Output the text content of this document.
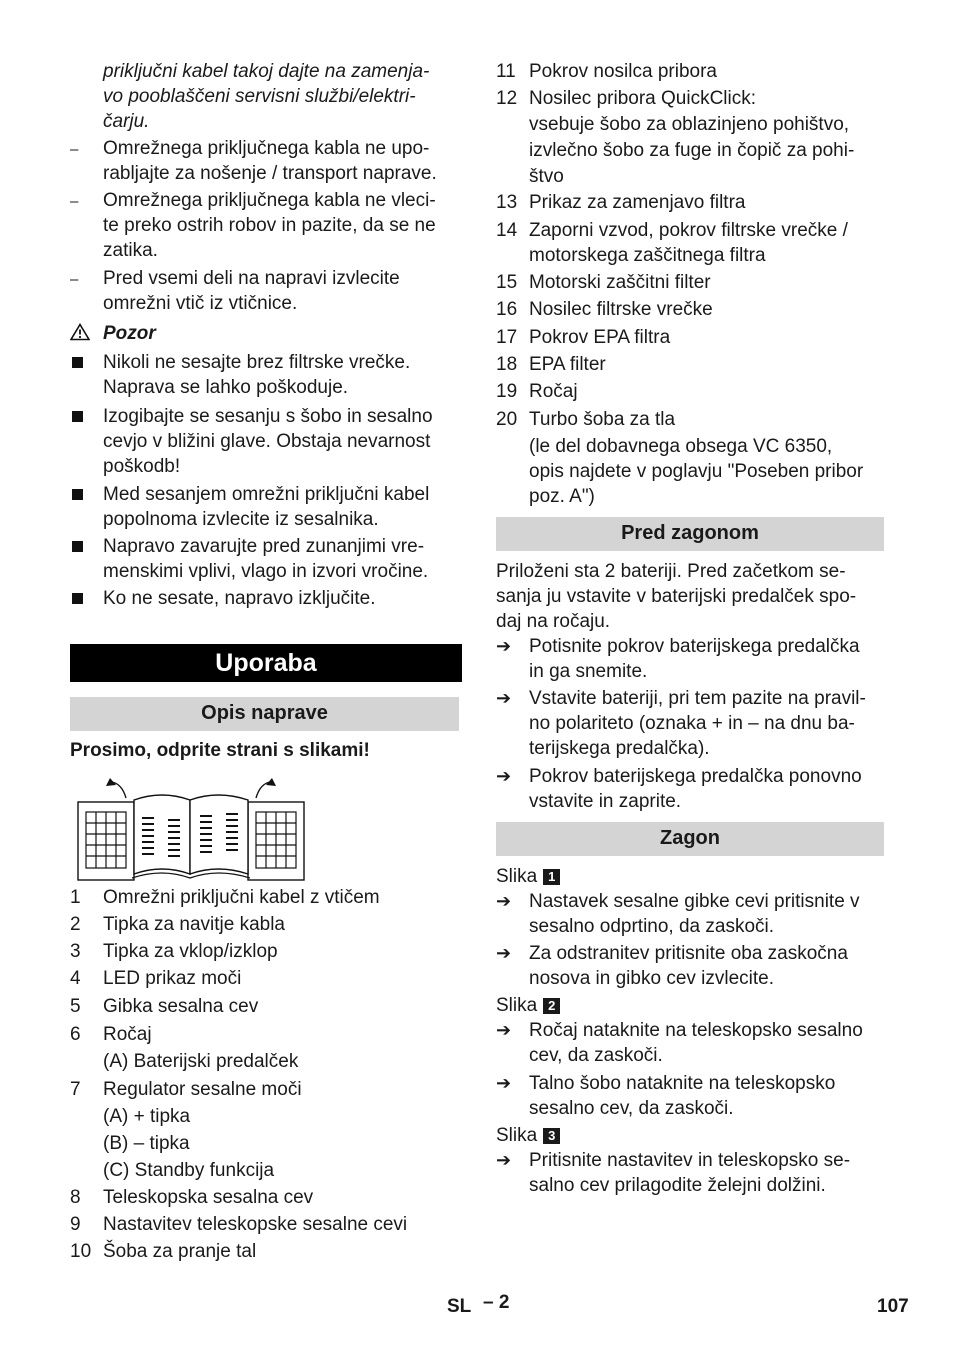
priključni kabel takoj dajte na zamenja-
vo pooblaščeni servisni službi/elektri-
čarju.
Omrežnega priključnega kabla ne upo-
rabljajte za nošenje / transport naprave.
Omrežnega priključnega kabla ne vleci-
te preko ostrih robov in pazite, da se ne
zatika.
Pred vsemi deli na napravi izvlecite
omrežni vtič iz vtičnice.
Pozor
Nikoli ne sesajte brez filtrske vrečke.
Naprava se lahko poškoduje.
Izogibajte se sesanju s šobo in sesalno
cevjo v bližini glave. Obstaja nevarnost
poškodb!
Med sesanjem omrežni priključni kabel
popolnoma izvlecite iz sesalnika.
Napravo zavarujte pred zunanjimi vre-
menskimi vplivi, vlago in izvori vročine.
Ko ne sesate, napravo izključite.
Uporaba
Opis naprave
Prosimo, odprite strani s slikami!
1 Omrežni priključni kabel z vtičem
2 Tipka za navitje kabla
3 Tipka za vklop/izklop
4 LED prikaz moči
5 Gibka sesalna cev
6 Ročaj
(A) Baterijski predalček
7 Regulator sesalne moči
(A) + tipka
(B) – tipka
(C) Standby funkcija
8 Teleskopska sesalna cev
9 Nastavitev teleskopske sesalne cevi
10 Šoba za pranje tal
11 Pokrov nosilca pribora
12 Nosilec pribora QuickClick:
vsebuje šobo za oblazinjeno pohištvo,
izvlečno šobo za fuge in čopič za pohi-
štvo
13 Prikaz za zamenjavo filtra
14 Zaporni vzvod, pokrov filtrske vrečke /
motorskega zaščitnega filtra
15 Motorski zaščitni filter
16 Nosilec filtrske vrečke
17 Pokrov EPA filtra
18 EPA filter
19 Ročaj
20 Turbo šoba za tla
(le del dobavnega obsega VC 6350,
opis najdete v poglavju "Poseben pribor
poz. A")
Pred zagonom
Priloženi sta 2 bateriji. Pred začetkom se-
sanja ju vstavite v baterijski predalček spo-
daj na ročaju.
➔ Potisnite pokrov baterijskega predalčka
in ga snemite.
➔ Vstavite bateriji, pri tem pazite na pravil-
no polariteto (oznaka + in – na dnu ba-
terijskega predalčka).
➔ Pokrov baterijskega predalčka ponovno
vstavite in zaprite.
Zagon
Slika 1
➔ Nastavek sesalne gibke cevi pritisnite v
sesalno odprtino, da zaskoči.
➔ Za odstranitev pritisnite oba zaskočna
nosova in gibko cev izvlecite.
Slika 2
➔ Ročaj nataknite na teleskopsko sesalno
cev, da zaskoči.
➔ Talno šobo nataknite na teleskopsko
sesalno cev, da zaskoči.
Slika 3
➔ Pritisnite nastavitev in teleskopsko se-
salno cev prilagodite želejni dolžini.
SL – 2	107
